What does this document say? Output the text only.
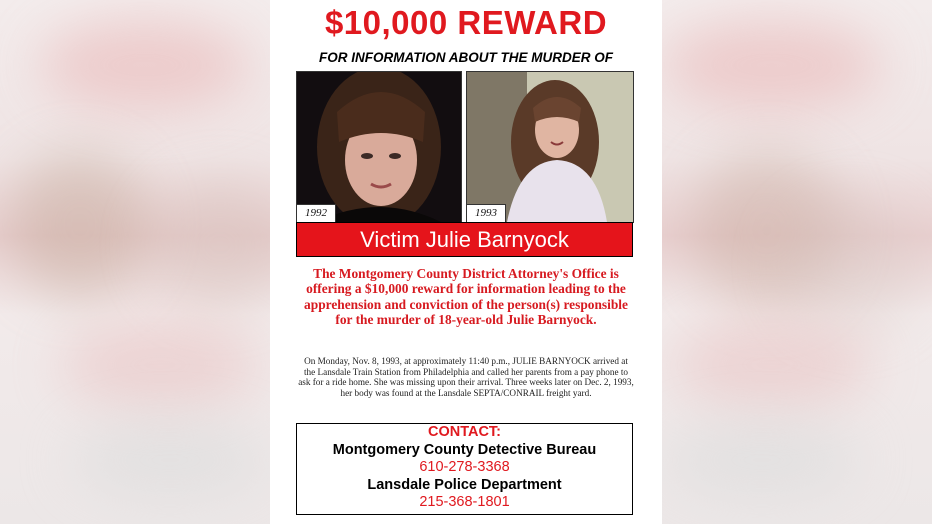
$10,000 REWARD
FOR INFORMATION ABOUT THE MURDER OF
1992	1993
Victim Julie Barnyock
The Montgomery County District Attorney's Office is offering a $10,000 reward for information leading to the apprehension and conviction of the person(s) responsible for the murder of 18-year-old Julie Barnyock.
On Monday, Nov. 8, 1993, at approximately 11:40 p.m., JULIE BARNYOCK arrived at the Lansdale Train Station from Philadelphia and called her parents from a pay phone to ask for a ride home. She was missing upon their arrival. Three weeks later on Dec. 2, 1993, her body was found at the Lansdale SEPTA/CONRAIL freight yard.
CONTACT:
Montgomery County Detective Bureau
610-278-3368
Lansdale Police Department
215-368-1801
